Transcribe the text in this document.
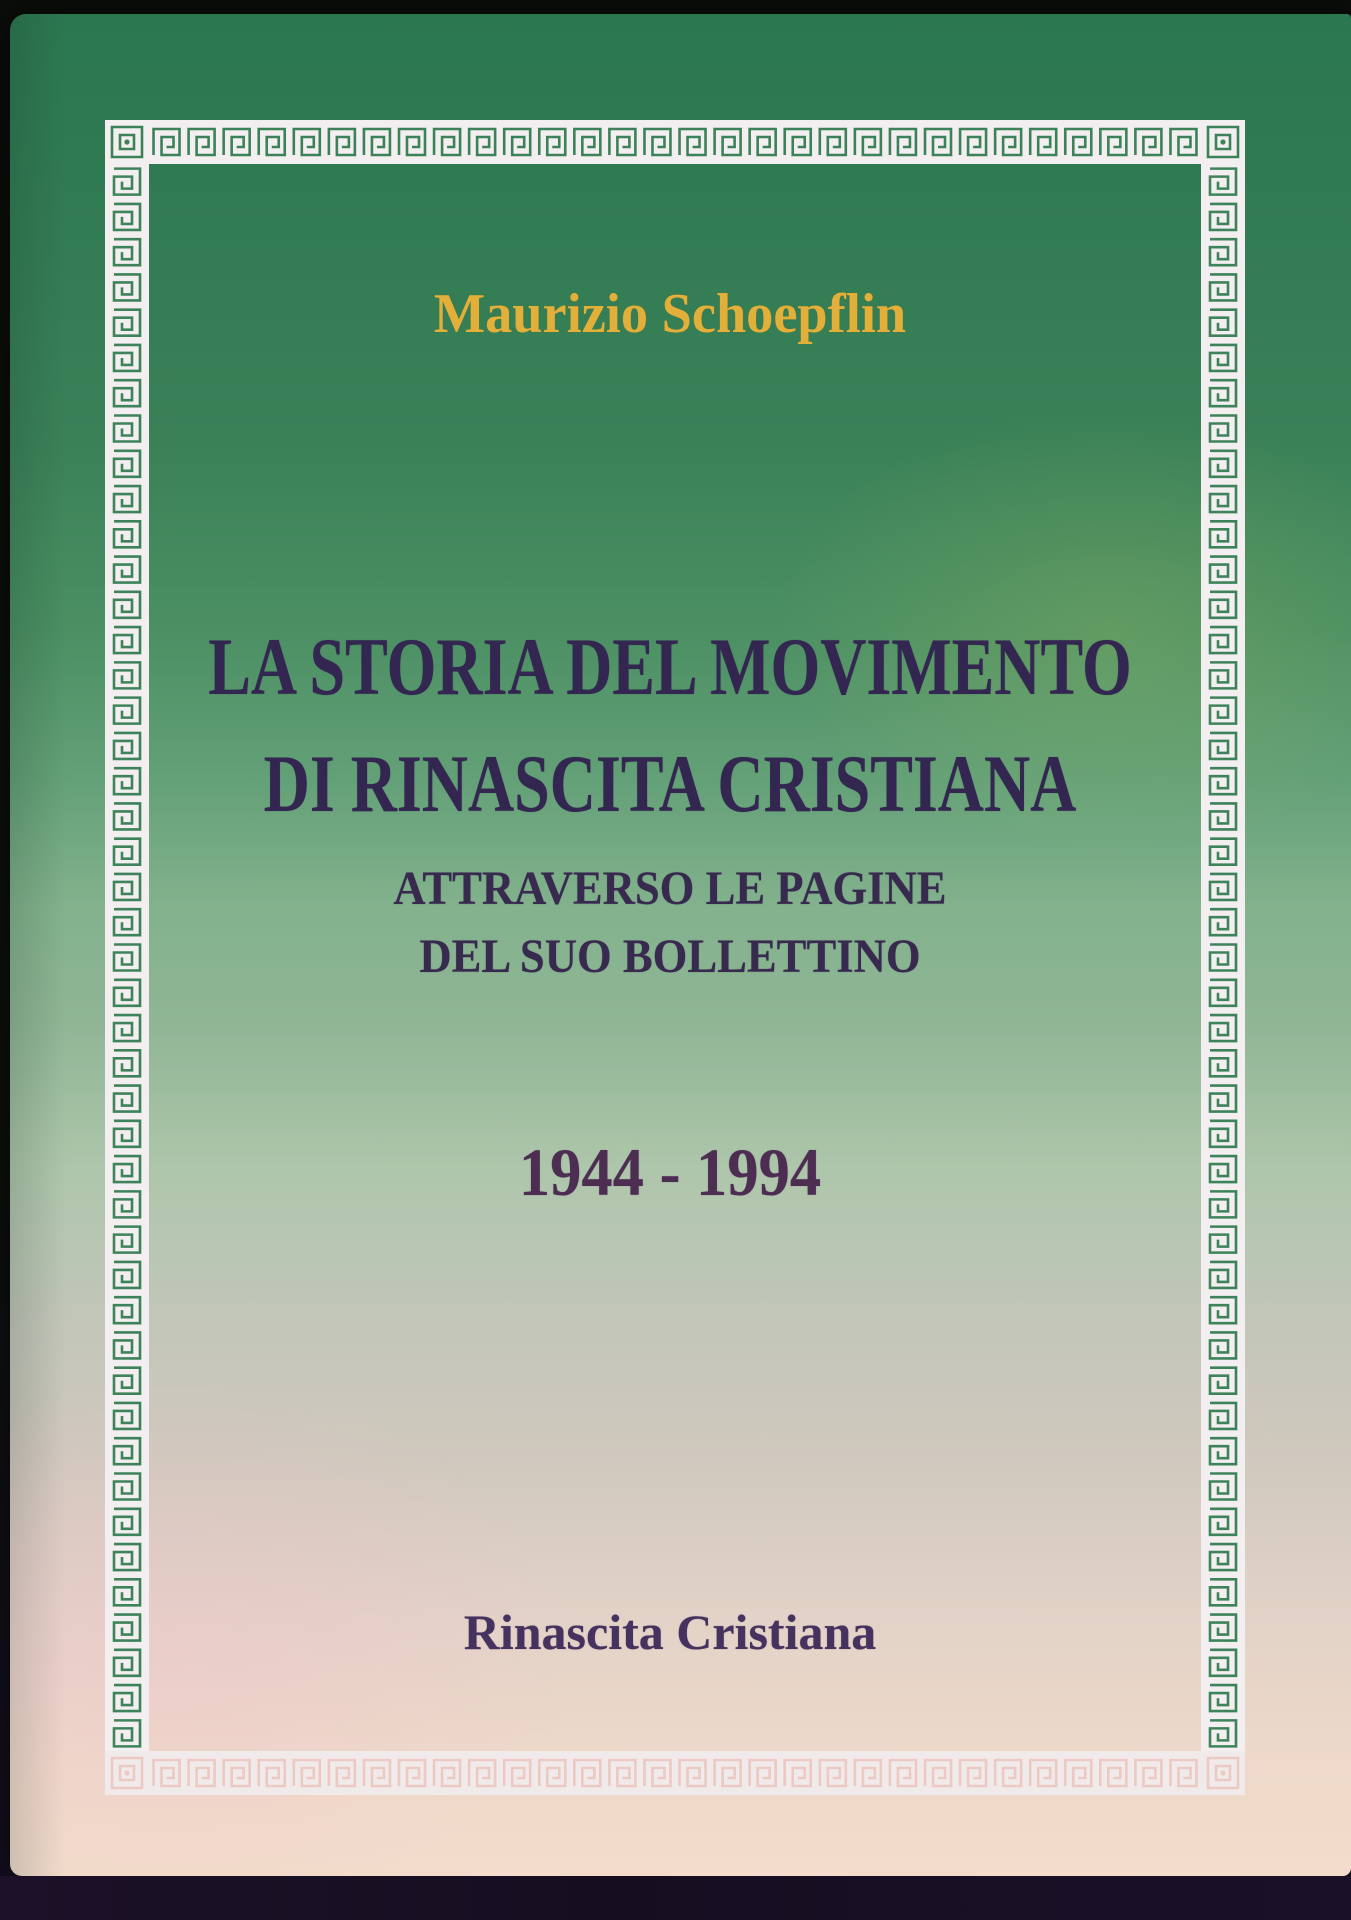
Maurizio Schoepflin
LA STORIA DEL MOVIMENTO
DI RINASCITA CRISTIANA
ATTRAVERSO LE PAGINE
DEL SUO BOLLETTINO
1944 - 1994
Rinascita Cristiana
